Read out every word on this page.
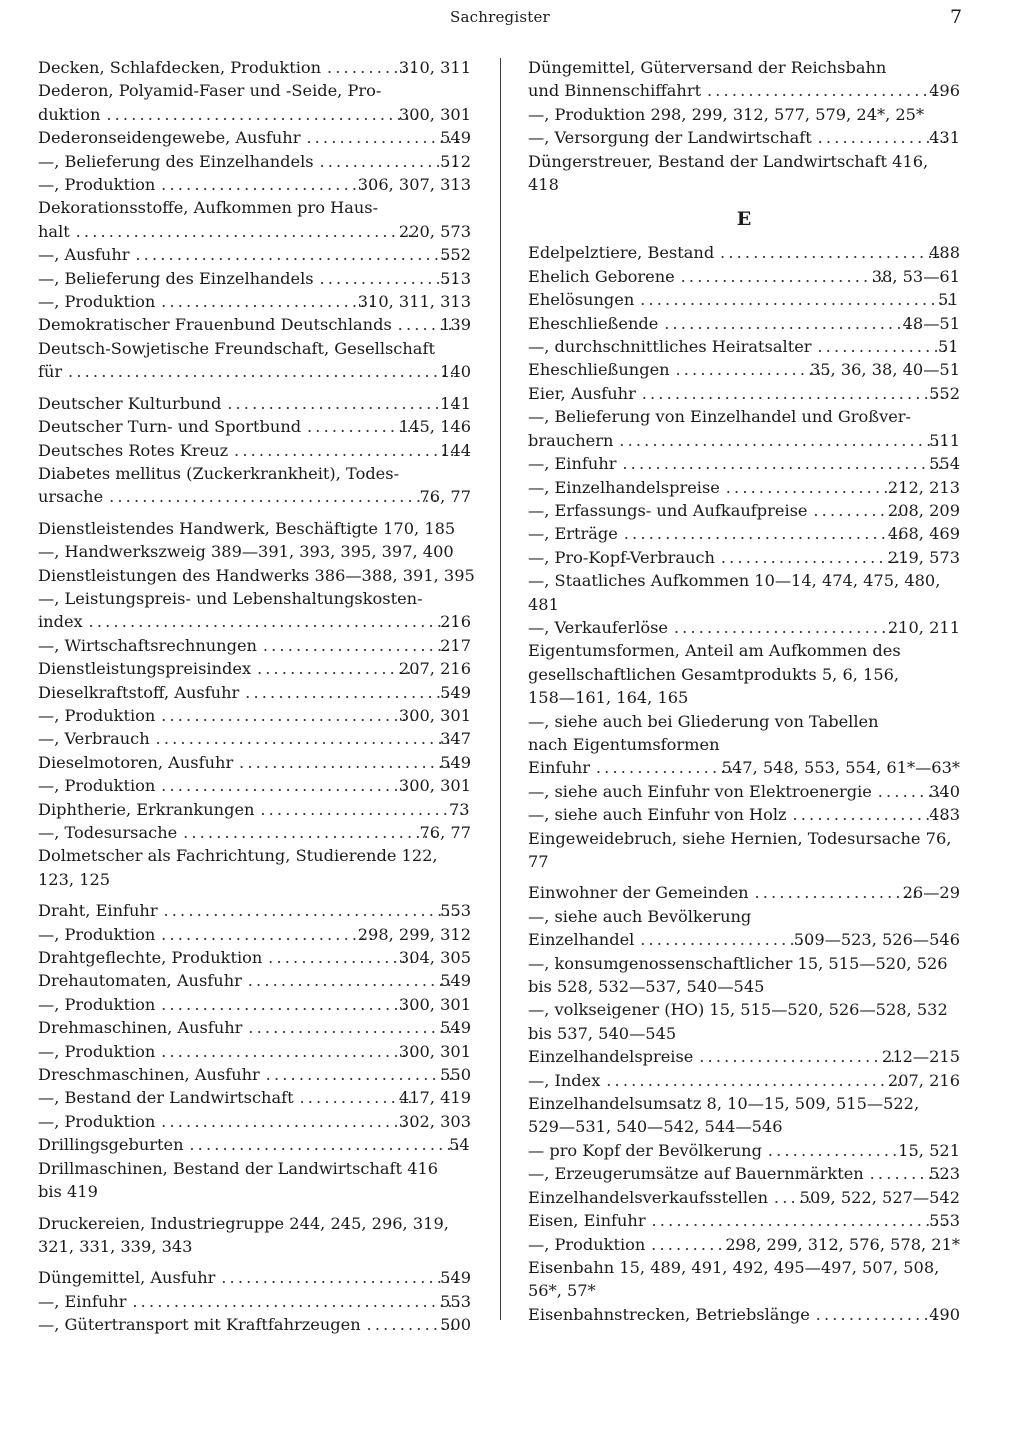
Sachregister	7
Decken, Schlafdecken, Produktion . . .	310, 311
Dederon, Polyamid-Faser und -Seide, Pro-
duktion . . .	300, 301
Dederonseidengewebe, Ausfuhr . . .	549
—, Belieferung des Einzelhandels . . .	512
—, Produktion . . .	306, 307, 313
Dekorationsstoffe, Aufkommen pro Haus-
halt . . .	220, 573
—, Ausfuhr . . .	552
—, Belieferung des Einzelhandels . . .	513
—, Produktion . . .	310, 311, 313
Demokratischer Frauenbund Deutschlands . . .	139
Deutsch-Sowjetische Freundschaft, Gesellschaft
für . . .	140
Deutscher Kulturbund . . .	141
Deutscher Turn- und Sportbund . . .	145, 146
Deutsches Rotes Kreuz . . .	144
Diabetes mellitus (Zuckerkrankheit), Todes-
ursache . . .	76, 77
Dienstleistendes Handwerk, Beschäftigte 170, 185
—, Handwerkszweig 389—391, 393, 395, 397, 400
Dienstleistungen des Handwerks 386—388, 391, 395
—, Leistungspreis- und Lebenshaltungskosten-
index . . .	216
—, Wirtschaftsrechnungen . . .	217
Dienstleistungspreisindex . . .	207, 216
Dieselkraftstoff, Ausfuhr . . .	549
—, Produktion . . .	300, 301
—, Verbrauch . . .	347
Dieselmotoren, Ausfuhr . . .	549
—, Produktion . . .	300, 301
Diphtherie, Erkrankungen . . .	73
—, Todesursache . . .	76, 77
Dolmetscher als Fachrichtung, Studierende 122,
123, 125
Draht, Einfuhr . . .	553
—, Produktion . . .	298, 299, 312
Drahtgeflechte, Produktion . . .	304, 305
Drehautomaten, Ausfuhr . . .	549
—, Produktion . . .	300, 301
Drehmaschinen, Ausfuhr . . .	549
—, Produktion . . .	300, 301
Dreschmaschinen, Ausfuhr . . .	550
—, Bestand der Landwirtschaft . . .	417, 419
—, Produktion . . .	302, 303
Drillingsgeburten . . .	54
Drillmaschinen, Bestand der Landwirtschaft 416
bis 419
Druckereien, Industriegruppe 244, 245, 296, 319,
321, 331, 339, 343
Düngemittel, Ausfuhr . . .	549
—, Einfuhr . . .	553
—, Gütertransport mit Kraftfahrzeugen . . .	500
Düngemittel, Güterversand der Reichsbahn
und Binnenschiffahrt . . .	496
—, Produktion 298, 299, 312, 577, 579, 24*, 25*
—, Versorgung der Landwirtschaft . . .	431
Düngerstreuer, Bestand der Landwirtschaft 416,
418
E
Edelpelztiere, Bestand . . .	488
Ehelich Geborene . . .	38, 53—61
Ehelösungen . . .	51
Eheschließende . . .	48—51
—, durchschnittliches Heiratsalter . . .	51
Eheschließungen . . .	35, 36, 38, 40—51
Eier, Ausfuhr . . .	552
—, Belieferung von Einzelhandel und Großver-
brauchern . . .	511
—, Einfuhr . . .	554
—, Einzelhandelspreise . . .	212, 213
—, Erfassungs- und Aufkaufpreise . . .	208, 209
—, Erträge . . .	468, 469
—, Pro-Kopf-Verbrauch . . .	219, 573
—, Staatliches Aufkommen 10—14, 474, 475, 480,
481
—, Verkauferlöse . . .	210, 211
Eigentumsformen, Anteil am Aufkommen des
gesellschaftlichen Gesamtprodukts 5, 6, 156,
158—161, 164, 165
—, siehe auch bei Gliederung von Tabellen
nach Eigentumsformen
Einfuhr . . .	547, 548, 553, 554, 61*—63*
—, siehe auch Einfuhr von Elektroenergie . . .	340
—, siehe auch Einfuhr von Holz . . .	483
Eingeweidebruch, siehe Hernien, Todesursache 76,
77
Einwohner der Gemeinden . . .	26—29
—, siehe auch Bevölkerung
Einzelhandel . . .	509—523, 526—546
—, konsumgenossenschaftlicher 15, 515—520, 526
bis 528, 532—537, 540—545
—, volkseigener (HO) 15, 515—520, 526—528, 532
bis 537, 540—545
Einzelhandelspreise . . .	212—215
—, Index . . .	207, 216
Einzelhandelsumsatz 8, 10—15, 509, 515—522,
529—531, 540—542, 544—546
— pro Kopf der Bevölkerung . . .	15, 521
—, Erzeugerumsätze auf Bauernmärkten . . .	523
Einzelhandelsverkaufsstellen . . . 509, 522, 527—542
Eisen, Einfuhr . . .	553
—, Produktion . . .	298, 299, 312, 576, 578, 21*
Eisenbahn 15, 489, 491, 492, 495—497, 507, 508,
56*, 57*
Eisenbahnstrecken, Betriebslänge . . .	490
